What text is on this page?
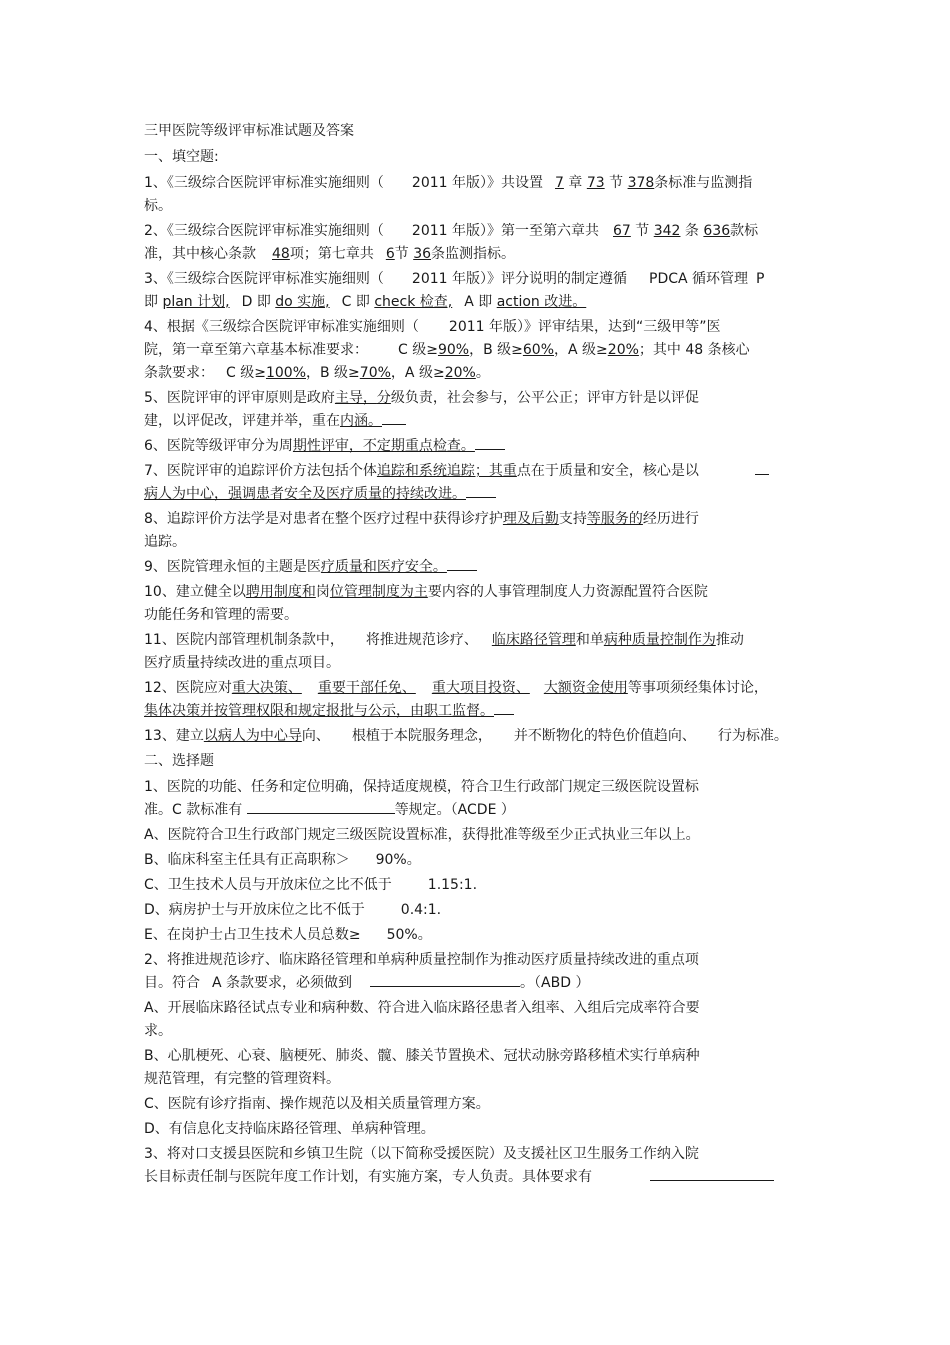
三甲医院等级评审标准试题及答案
一、填空题:
1、《三级综合医院评审标准实施细则（ 2011 年版）》共设置 7 章 73 节 378条标准与监测指
标。
2、《三级综合医院评审标准实施细则（ 2011 年版）》第一至第六章共 67 节 342 条 636款标
准，其中核心条款 48项；第七章共 6节 36条监测指标。
3、《三级综合医院评审标准实施细则（ 2011 年版）》评分说明的制定遵循 PDCA 循环管理 P
即 plan 计划, D 即 do 实施, C 即 check 检查, A 即 action 改进。
4、根据《三级综合医院评审标准实施细则（ 2011 年版）》评审结果，达到“三级甲等”医
院，第一章至第六章基本标准要求： C 级≥90%，B 级≥60%，A 级≥20%；其中 48 条核心
条款要求： C 级≥100%，B 级≥70%，A 级≥20%。
5、医院评审的评审原则是政府主导，分级负责，社会参与，公平公正；评审方针是以评促
建，以评促改，评建并举，重在内涵。
6、医院等级评审分为周期性评审，不定期重点检查。
7、医院评审的追踪评价方法包括个体追踪和系统追踪；其重点在于质量和安全，核心是以
病人为中心，强调患者安全及医疗质量的持续改进。
8、追踪评价方法学是对患者在整个医疗过程中获得诊疗护理及后勤支持等服务的经历进行
追踪。
9、医院管理永恒的主题是医疗质量和医疗安全。
10、建立健全以聘用制度和岗位管理制度为主要内容的人事管理制度人力资源配置符合医院
功能任务和管理的需要。
11、医院内部管理机制条款中， 将推进规范诊疗、 临床路径管理和单病种质量控制作为推动
医疗质量持续改进的重点项目。
12、医院应对重大决策、 重要干部任免、 重大项目投资、 大额资金使用等事项须经集体讨论，
集体决策并按管理权限和规定报批与公示，由职工监督。
13、建立以病人为中心导向、 根植于本院服务理念， 并不断物化的特色价值趋向、 行为标准。
二、选择题
1、医院的功能、任务和定位明确，保持适度规模，符合卫生行政部门规定三级医院设置标
准。C 款标准有	等规定。（ACDE ）
A、医院符合卫生行政部门规定三级医院设置标准，获得批准等级至少正式执业三年以上。
B、临床科室主任具有正高职称＞ 90%。
C、卫生技术人员与开放床位之比不低于	1.15:1.
D、病房护士与开放床位之比不低于	0.4:1.
E、在岗护士占卫生技术人员总数≥ 50%。
2、将推进规范诊疗、临床路径管理和单病种质量控制作为推动医疗质量持续改进的重点项
目。符合 A 条款要求，必须做到	。（ABD ）
A、开展临床路径试点专业和病种数、符合进入临床路径患者入组率、入组后完成率符合要
求。
B、心肌梗死、心衰、脑梗死、肺炎、髋、膝关节置换术、冠状动脉旁路移植术实行单病种
规范管理，有完整的管理资料。
C、医院有诊疗指南、操作规范以及相关质量管理方案。
D、有信息化支持临床路径管理、单病种管理。
3、将对口支援县医院和乡镇卫生院（以下简称受援医院）及支援社区卫生服务工作纳入院
长目标责任制与医院年度工作计划，有实施方案，专人负责。具体要求有
